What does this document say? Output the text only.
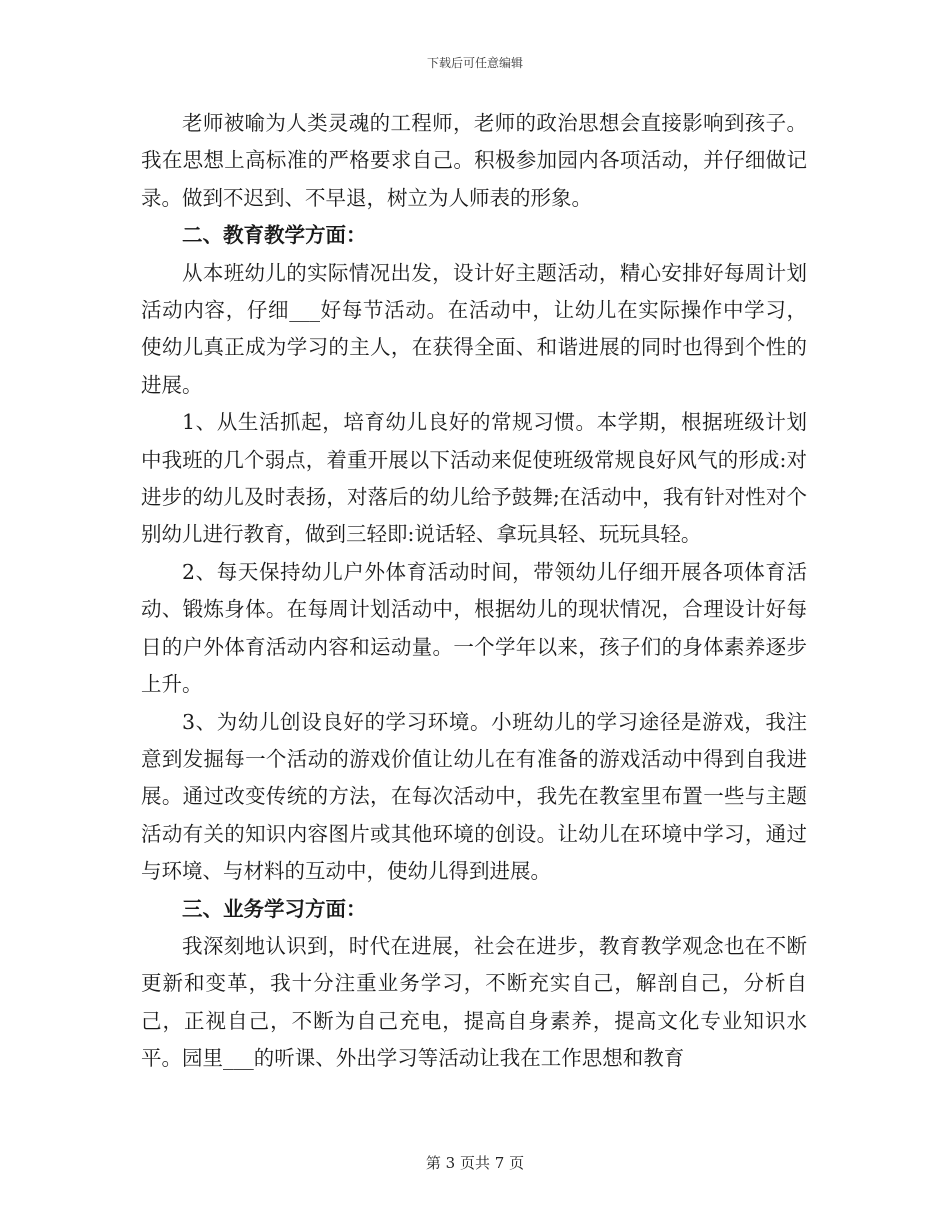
下载后可任意编辑

老师被喻为人类灵魂的工程师，老师的政治思想会直接影响到孩子。我在思想上高标准的严格要求自己。积极参加园内各项活动，并仔细做记录。做到不迟到、不早退，树立为人师表的形象。

二、教育教学方面：

从本班幼儿的实际情况出发，设计好主题活动，精心安排好每周计划活动内容，仔细___好每节活动。在活动中，让幼儿在实际操作中学习，使幼儿真正成为学习的主人，在获得全面、和谐进展的同时也得到个性的进展。

1、从生活抓起，培育幼儿良好的常规习惯。本学期，根据班级计划中我班的几个弱点，着重开展以下活动来促使班级常规良好风气的形成:对进步的幼儿及时表扬，对落后的幼儿给予鼓舞;在活动中，我有针对性对个别幼儿进行教育，做到三轻即:说话轻、拿玩具轻、玩玩具轻。

2、每天保持幼儿户外体育活动时间，带领幼儿仔细开展各项体育活动、锻炼身体。在每周计划活动中，根据幼儿的现状情况，合理设计好每日的户外体育活动内容和运动量。一个学年以来，孩子们的身体素养逐步上升。

3、为幼儿创设良好的学习环境。小班幼儿的学习途径是游戏，我注意到发掘每一个活动的游戏价值让幼儿在有准备的游戏活动中得到自我进展。通过改变传统的方法，在每次活动中，我先在教室里布置一些与主题活动有关的知识内容图片或其他环境的创设。让幼儿在环境中学习，通过与环境、与材料的互动中，使幼儿得到进展。

三、业务学习方面：

我深刻地认识到，时代在进展，社会在进步，教育教学观念也在不断更新和变革，我十分注重业务学习，不断充实自己，解剖自己，分析自己，正视自己，不断为自己充电，提高自身素养，提高文化专业知识水平。园里___的听课、外出学习等活动让我在工作思想和教育

第 3 页共 7 页
